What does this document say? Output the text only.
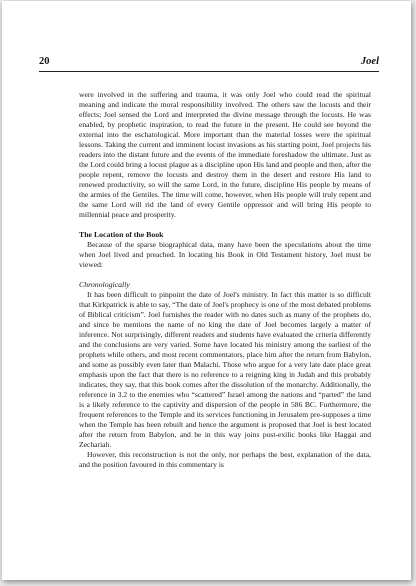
20	Joel

were involved in the suffering and trauma, it was only Joel who could read the spiritual meaning and indicate the moral responsibility involved. The others saw the locusts and their effects; Joel sensed the Lord and interpreted the divine message through the locusts. He was enabled, by prophetic inspiration, to read the future in the present. He could see beyond the external into the eschatological. More important than the material losses were the spiritual lessons. Taking the current and imminent locust invasions as his starting point, Joel projects his readers into the distant future and the events of the immediate foreshadow the ultimate. Just as the Lord could bring a locust plague as a discipline upon His land and people and then, after the people repent, remove the locusts and destroy them in the desert and restore His land to renewed productivity, so will the same Lord, in the future, discipline His people by means of the armies of the Gentiles. The time will come, however, when His people will truly repent and the same Lord will rid the land of every Gentile oppressor and will bring His people to millennial peace and prosperity.

The Location of the Book

Because of the sparse biographical data, many have been the speculations about the time when Joel lived and preached. In locating his Book in Old Testament history, Joel must be viewed:

Chronologically

It has been difficult to pinpoint the date of Joel's ministry. In fact this matter is so difficult that Kirkpatrick is able to say, “The date of Joel's prophecy is one of the most debated problems of Biblical criticism”. Joel furnishes the reader with no dates such as many of the prophets do, and since he mentions the name of no king the date of Joel becomes largely a matter of inference. Not surprisingly, different readers and students have evaluated the criteria differently and the conclusions are very varied. Some have located his ministry among the earliest of the prophets while others, and most recent commentators, place him after the return from Babylon, and some as possibly even later than Malachi. Those who argue for a very late date place great emphasis upon the fact that there is no reference to a reigning king in Judah and this probably indicates, they say, that this book comes after the dissolution of the monarchy. Additionally, the reference in 3.2 to the enemies who “scattered” Israel among the nations and “parted” the land is a likely reference to the captivity and dispersion of the people in 586 BC. Furthermore, the frequent references to the Temple and its services functioning in Jerusalem pre-supposes a time when the Temple has been rebuilt and hence the argument is proposed that Joel is best located after the return from Babylon, and he in this way joins post-exilic books like Haggai and Zechariah.

However, this reconstruction is not the only, nor perhaps the best, explanation of the data, and the position favoured in this commentary is
